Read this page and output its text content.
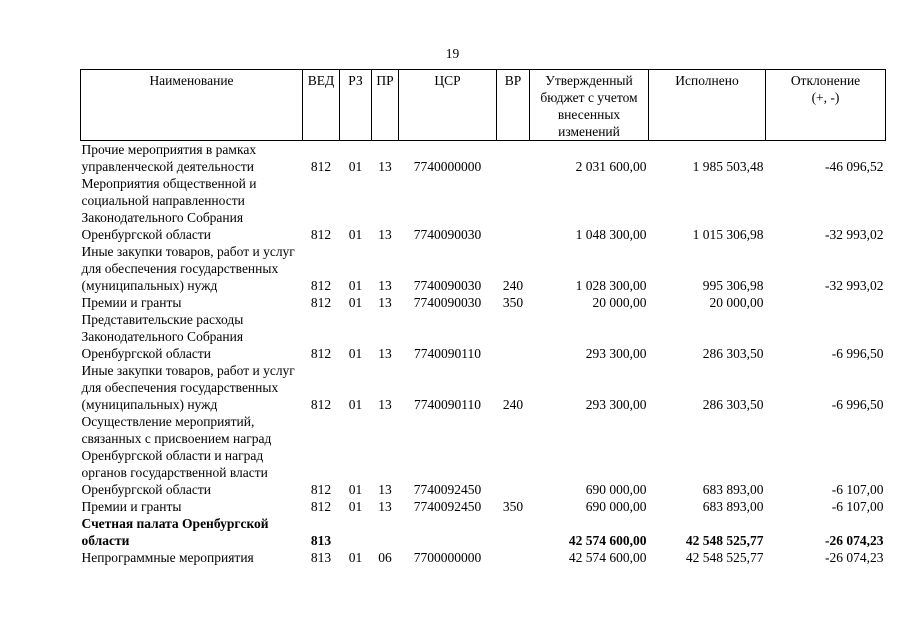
19
Наименование	ВЕД	РЗ	ПР	ЦСР	ВР	Утвержденный бюджет с учетом внесенных изменений	Исполнено	Отклонение (+, -)
Прочие мероприятия в рамках управленческой деятельности	812	01	13	7740000000		2 031 600,00	1 985 503,48	-46 096,52
Мероприятия общественной и социальной направленности Законодательного Собрания Оренбургской области	812	01	13	7740090030		1 048 300,00	1 015 306,98	-32 993,02
Иные закупки товаров, работ и услуг для обеспечения государственных (муниципальных) нужд	812	01	13	7740090030	240	1 028 300,00	995 306,98	-32 993,02
Премии и гранты	812	01	13	7740090030	350	20 000,00	20 000,00	
Представительские расходы Законодательного Собрания Оренбургской области	812	01	13	7740090110		293 300,00	286 303,50	-6 996,50
Иные закупки товаров, работ и услуг для обеспечения государственных (муниципальных) нужд	812	01	13	7740090110	240	293 300,00	286 303,50	-6 996,50
Осуществление мероприятий, связанных с присвоением наград Оренбургской области и наград органов государственной власти Оренбургской области	812	01	13	7740092450		690 000,00	683 893,00	-6 107,00
Премии и гранты	812	01	13	7740092450	350	690 000,00	683 893,00	-6 107,00
Счетная палата Оренбургской области	813					42 574 600,00	42 548 525,77	-26 074,23
Непрограммные мероприятия	813	01	06	7700000000		42 574 600,00	42 548 525,77	-26 074,23
